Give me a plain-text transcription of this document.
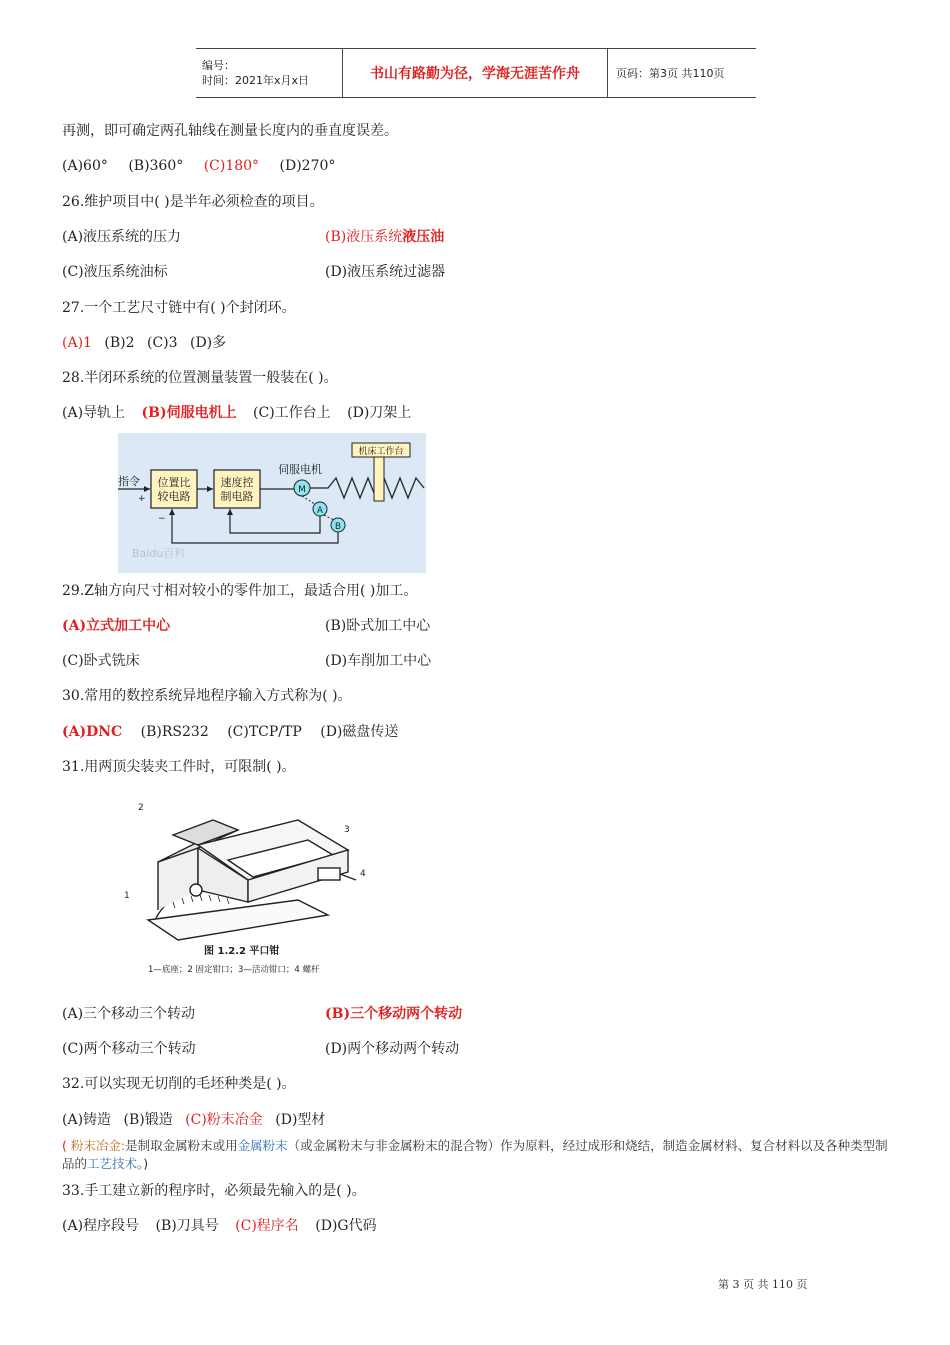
编号：
时间：2021年x月x日	书山有路勤为径，学海无涯苦作舟	页码：第3页 共110页
再测，即可确定两孔轴线在测量长度内的垂直度误差。
(A)60° (B)360° (C)180° (D)270°
26.维护项目中( )是半年必须检查的项目。
(A)液压系统的压力	(B)液压系统液压油
(C)液压系统油标	(D)液压系统过滤器
27.一个工艺尺寸链中有( )个封闭环。
(A)1 (B)2 (C)3 (D)多
28.半闭环系统的位置测量装置一般装在( )。
(A)导轨上 (B)伺服电机上 (C)工作台上 (D)刀架上
指令
+
−
位置比
较电路
速度控
制电路
伺服电机
M
机床工作台
A
B
Baidu百科
29.Z轴方向尺寸相对较小的零件加工，最适合用( )加工。
(A)立式加工中心	(B)卧式加工中心
(C)卧式铣床	(D)车削加工中心
30.常用的数控系统异地程序输入方式称为( )。
(A)DNC (B)RS232 (C)TCP/TP (D)磁盘传送
31.用两顶尖装夹工件时，可限制( )。
2
1
3
4
图 1.2.2 平口钳
1—底座；2 固定钳口；3—活动钳口；4 螺杆
(A)三个移动三个转动	(B)三个移动两个转动
(C)两个移动三个转动	(D)两个移动两个转动
32.可以实现无切削的毛坯种类是( )。
(A)铸造 (B)锻造 (C)粉末冶金 (D)型材
( 粉末冶金:是制取金属粉末或用金属粉末（或金属粉末与非金属粉末的混合物）作为原料，经过成形和烧结，制造金属材料、复合材料以及各种类型制品的工艺技术。)
33.手工建立新的程序时，必须最先输入的是( )。
(A)程序段号 (B)刀具号 (C)程序名 (D)G代码
第 3 页 共 110 页
